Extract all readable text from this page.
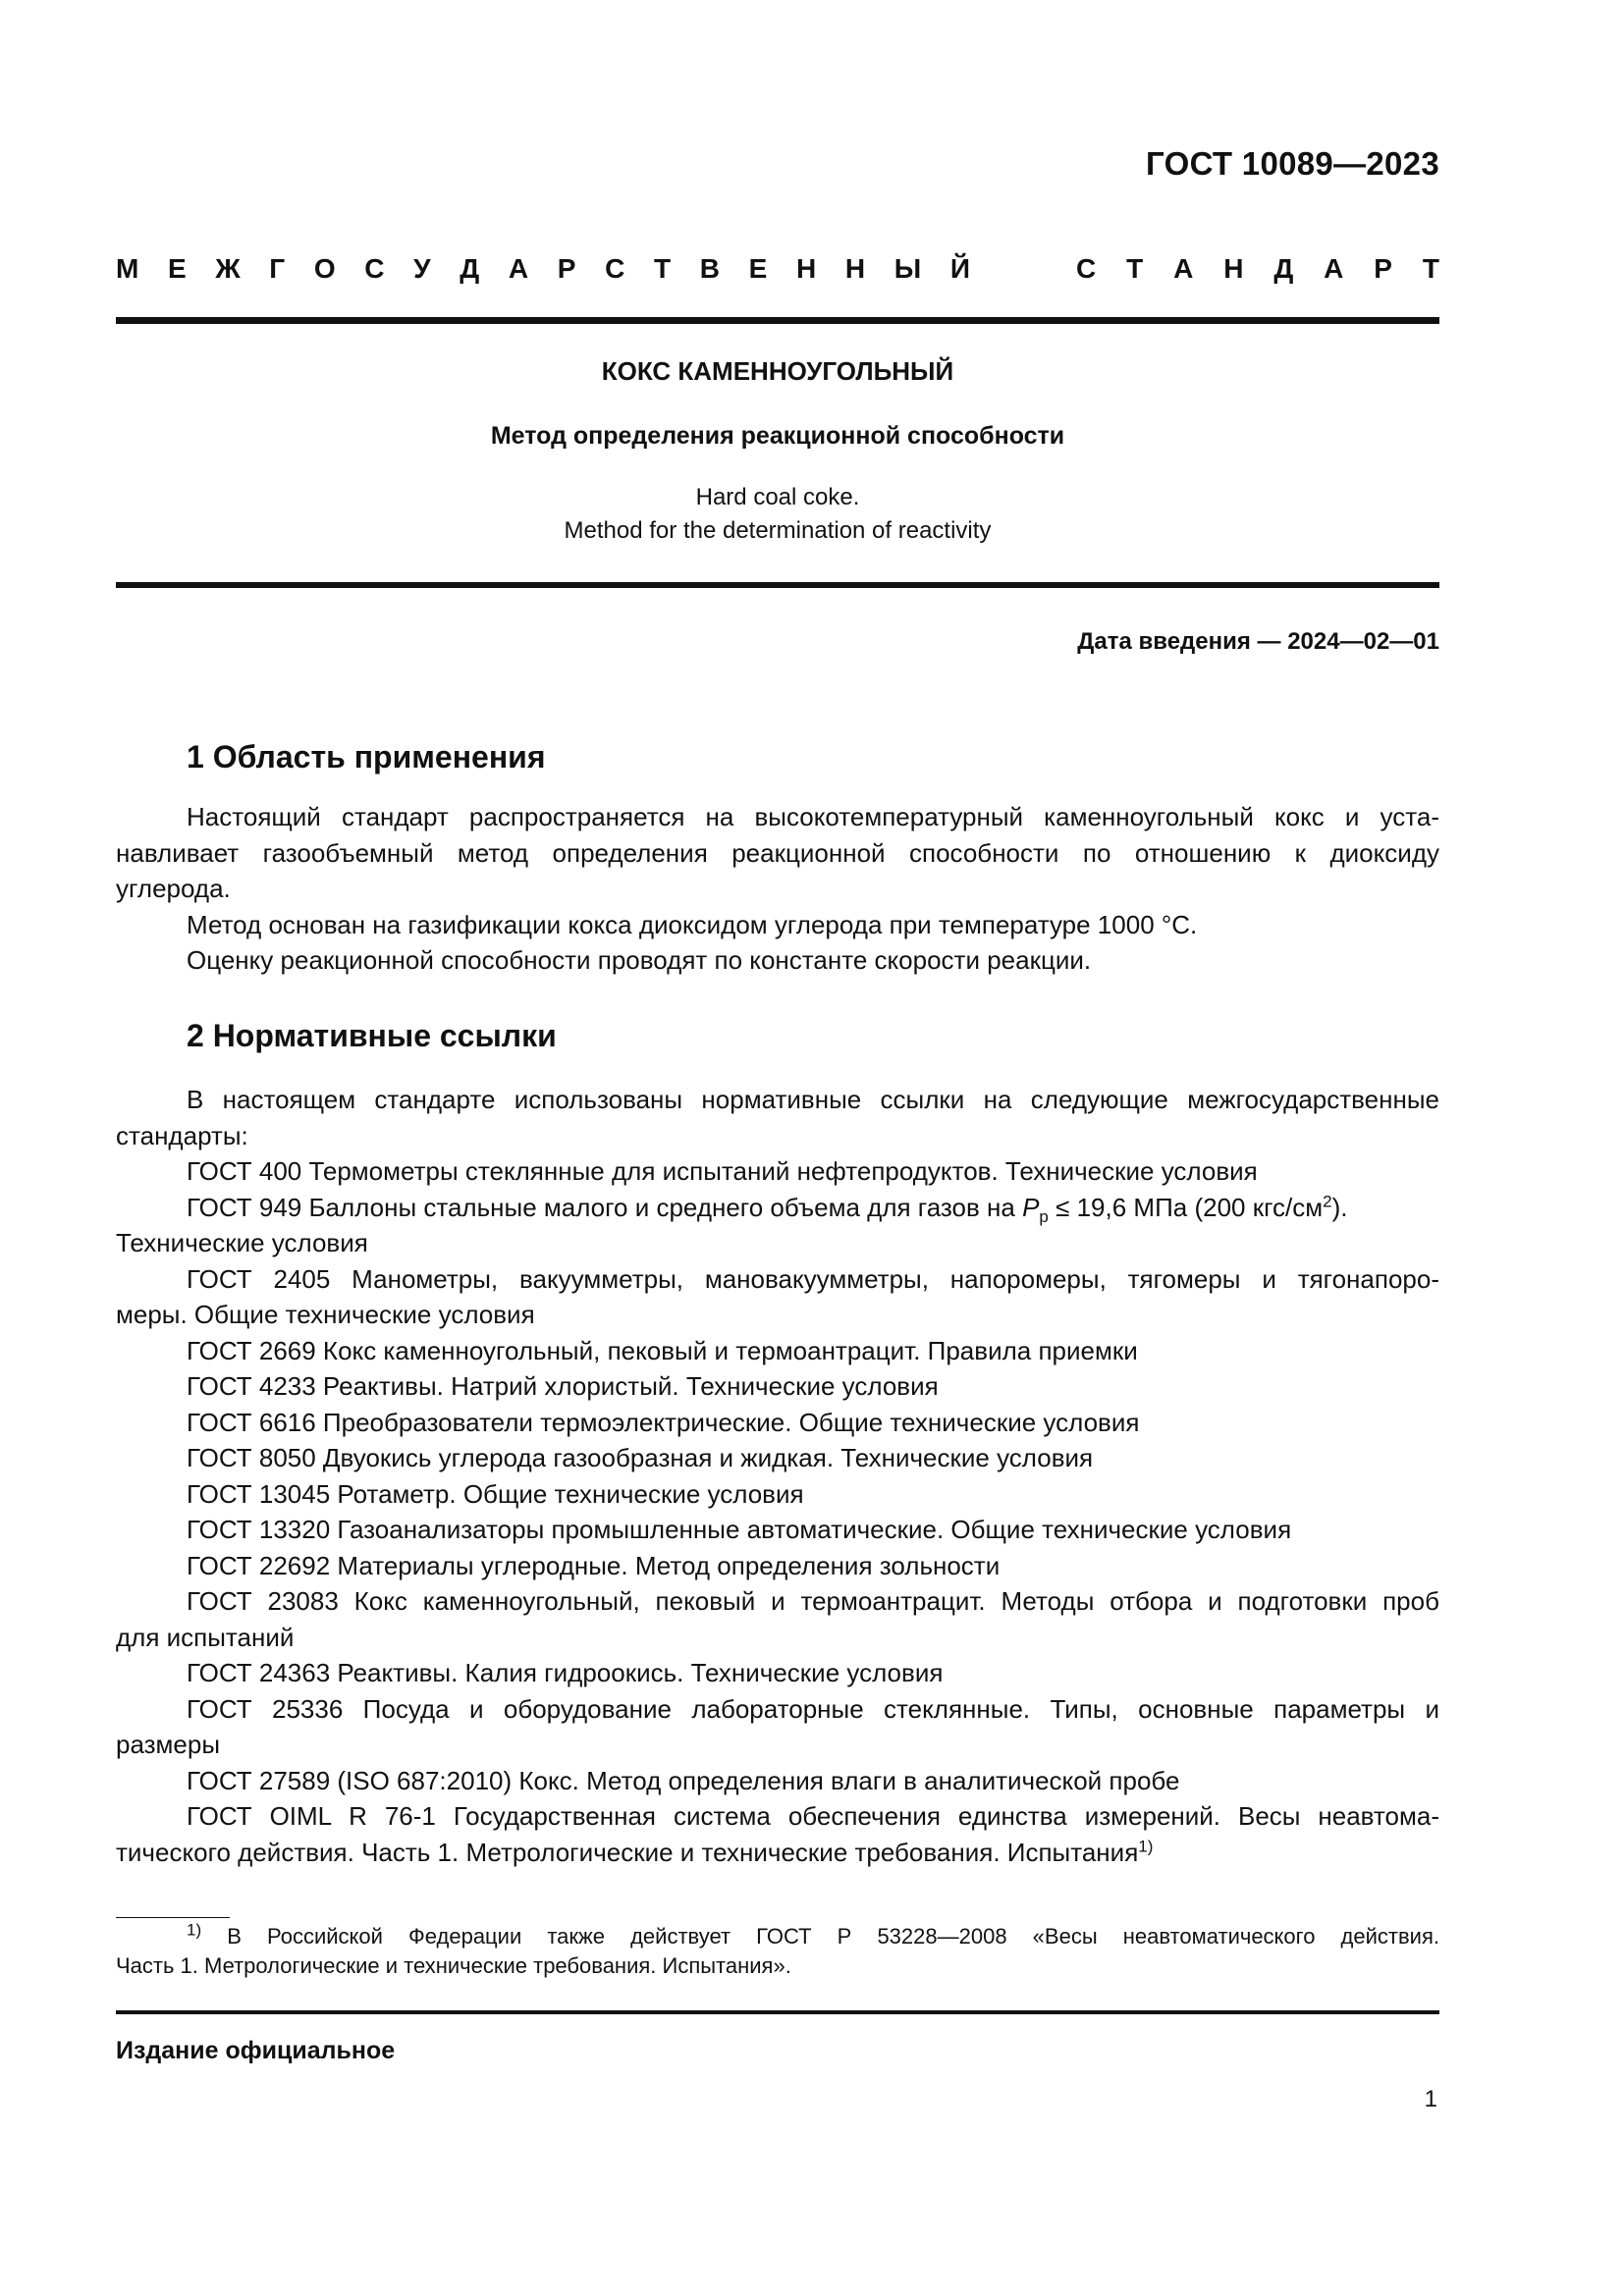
ГОСТ 10089—2023
М Е Ж Г О С У Д А Р С Т В Е Н Н Ы Й	С Т А Н Д А Р Т
КОКС КАМЕННОУГОЛЬНЫЙ
Метод определения реакционной способности
Hard coal coke.
Method for the determination of reactivity
Дата введения — 2024—02—01
1 Область применения
Настоящий стандарт распространяется на высокотемпературный каменноугольный кокс и уста-
навливает газообъемный метод определения реакционной способности по отношению к диоксиду
углерода.
Метод основан на газификации кокса диоксидом углерода при температуре 1000 °C.
Оценку реакционной способности проводят по константе скорости реакции.
2 Нормативные ссылки
В настоящем стандарте использованы нормативные ссылки на следующие межгосударственные
стандарты:
ГОСТ 400 Термометры стеклянные для испытаний нефтепродуктов. Технические условия
ГОСТ 949 Баллоны стальные малого и среднего объема для газов на $P_р \le 19,6$ МПа (200 кгс/$см^2$).
Технические условия
ГОСТ 2405 Манометры, вакуумметры, мановакуумметры, напоромеры, тягомеры и тягонапоро-
меры. Общие технические условия
ГОСТ 2669 Кокс каменноугольный, пековый и термоантрацит. Правила приемки
ГОСТ 4233 Реактивы. Натрий хлористый. Технические условия
ГОСТ 6616 Преобразователи термоэлектрические. Общие технические условия
ГОСТ 8050 Двуокись углерода газообразная и жидкая. Технические условия
ГОСТ 13045 Ротаметр. Общие технические условия
ГОСТ 13320 Газоанализаторы промышленные автоматические. Общие технические условия
ГОСТ 22692 Материалы углеродные. Метод определения зольности
ГОСТ 23083 Кокс каменноугольный, пековый и термоантрацит. Методы отбора и подготовки проб
для испытаний
ГОСТ 24363 Реактивы. Калия гидроокись. Технические условия
ГОСТ 25336 Посуда и оборудование лабораторные стеклянные. Типы, основные параметры и
размеры
ГОСТ 27589 (ISO 687:2010) Кокс. Метод определения влаги в аналитической пробе
ГОСТ OIML R 76-1 Государственная система обеспечения единства измерений. Весы неавтома-
тического действия. Часть 1. Метрологические и технические требования. Испытания$^{1)}$
$^{1)}$ В Российской Федерации также действует ГОСТ Р 53228—2008 «Весы неавтоматического действия.
Часть 1. Метрологические и технические требования. Испытания».
Издание официальное
1
